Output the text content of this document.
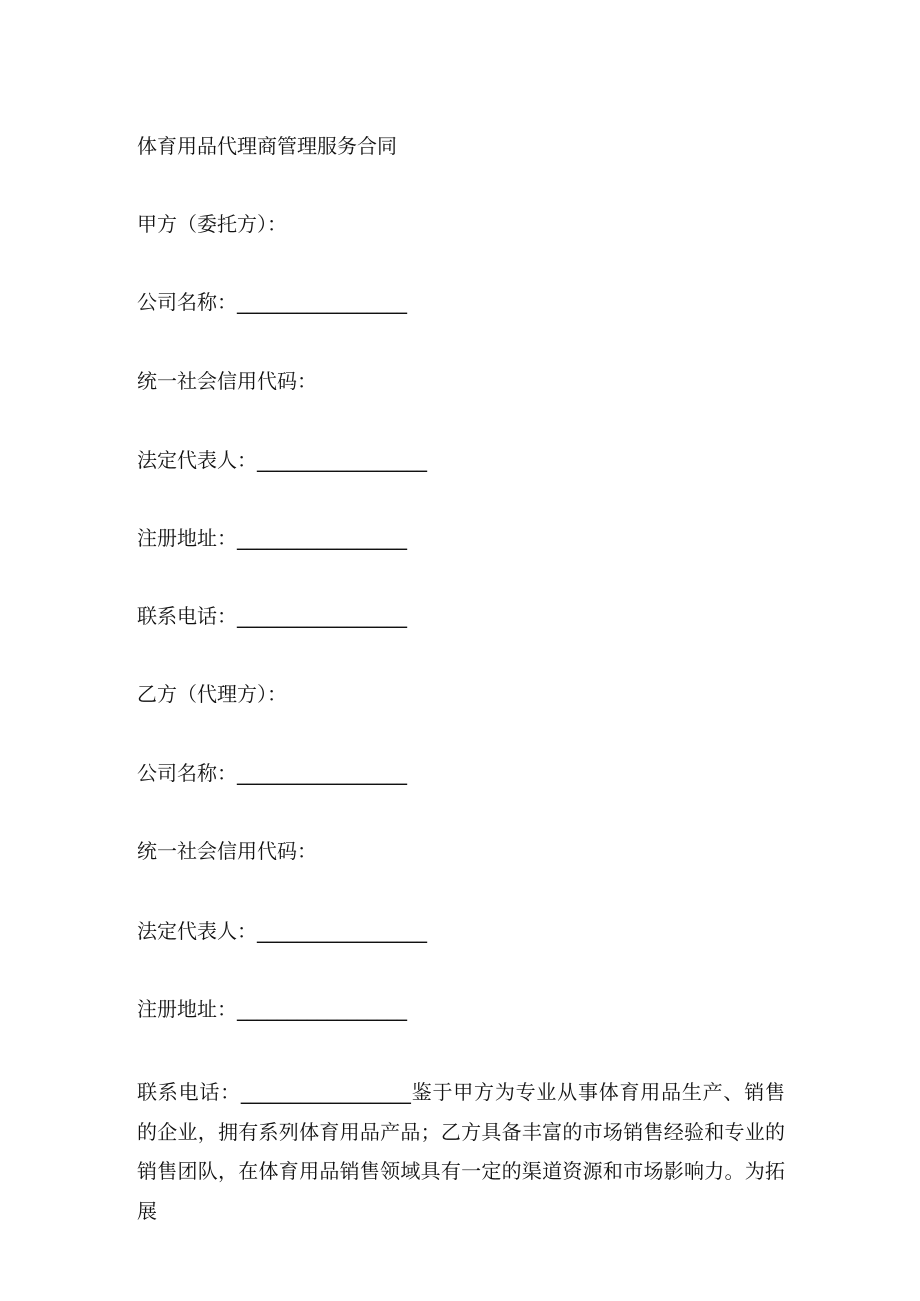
体育用品代理商管理服务合同
甲方（委托方）：
公司名称：_________________
统一社会信用代码：
法定代表人：_________________
注册地址：_________________
联系电话：_________________
乙方（代理方）：
公司名称：_________________
统一社会信用代码：
法定代表人：_________________
注册地址：_________________
联系电话：_________________鉴于甲方为专业从事体育用品生产、销售的企业，拥有系列体育用品产品；乙方具备丰富的市场销售经验和专业的销售团队，在体育用品销售领域具有一定的渠道资源和市场影响力。为拓展
